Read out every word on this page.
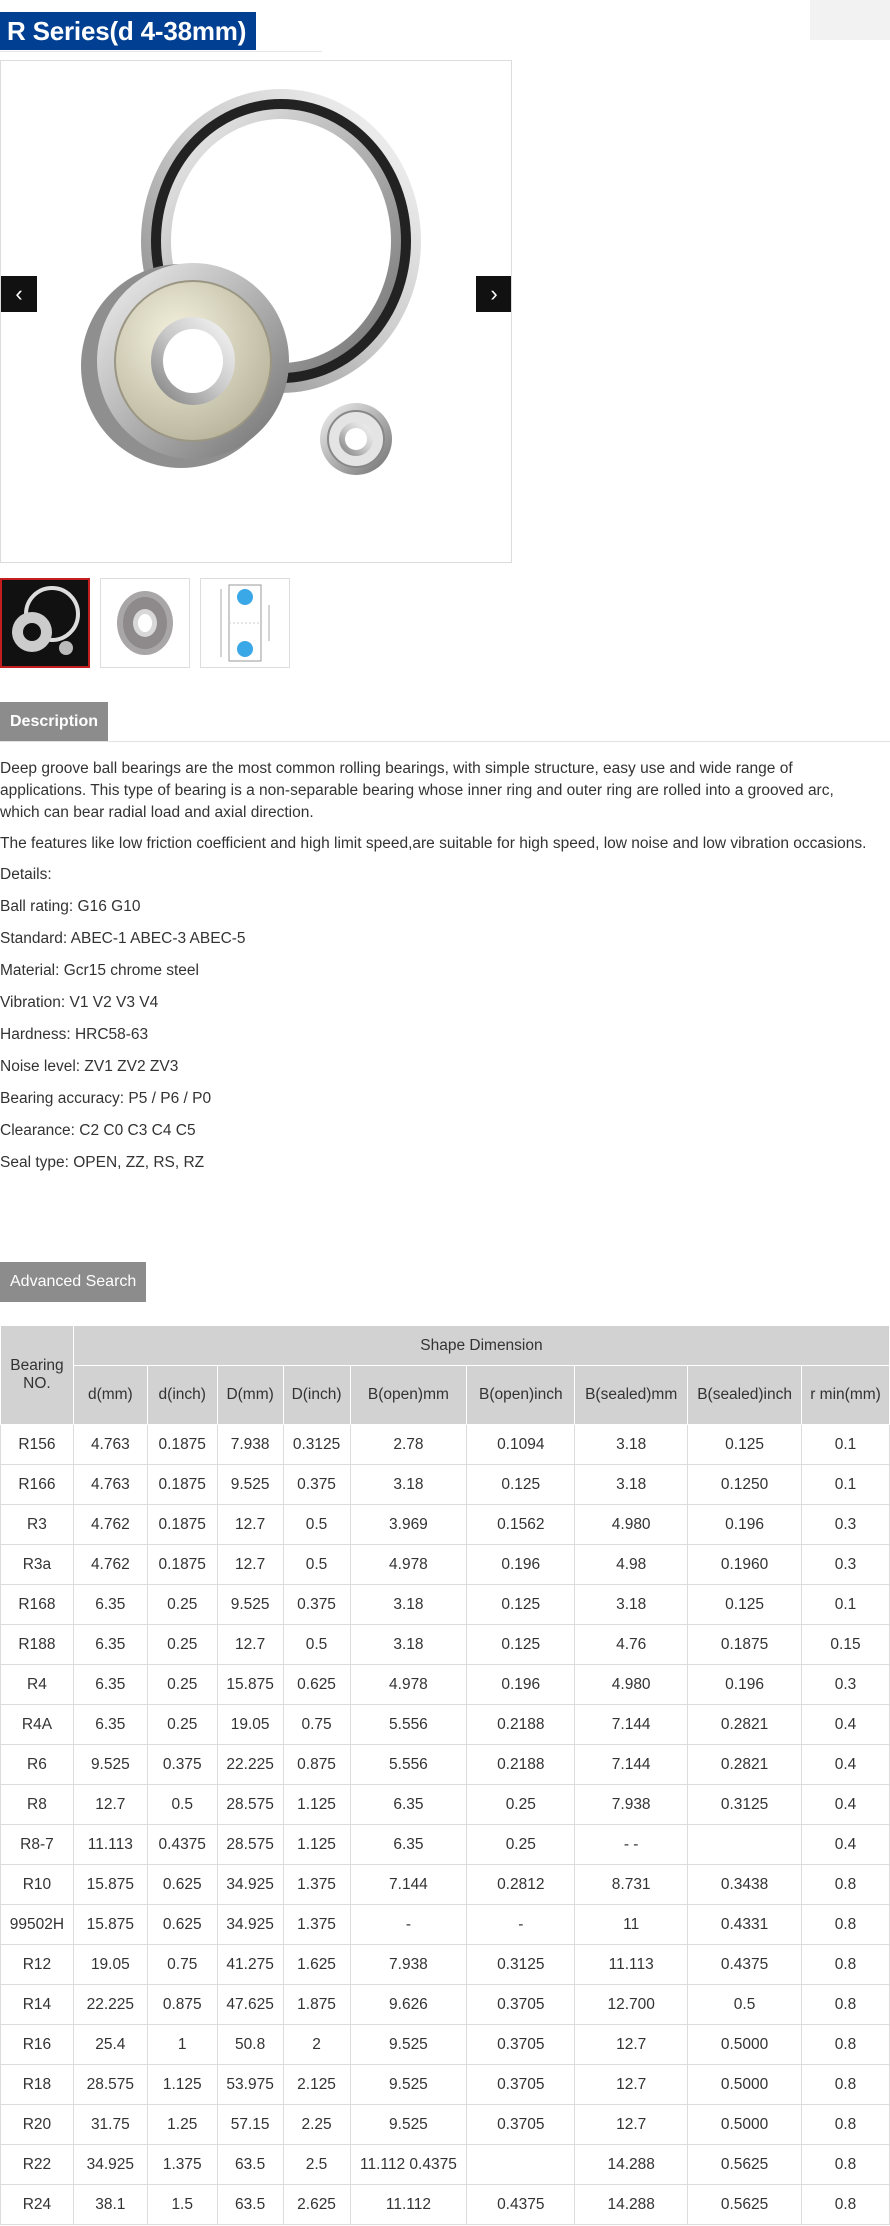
R Series(d 4-38mm)
‹	›
Description

Deep groove ball bearings are the most common rolling bearings, with simple structure, easy use and wide range of applications. This type of bearing is a non-separable bearing whose inner ring and outer ring are rolled into a grooved arc, which can bear radial load and axial direction.

The features like low friction coefficient and high limit speed,are suitable for high speed, low noise and low vibration occasions.

Details:

Ball rating: G16 G10

Standard: ABEC-1 ABEC-3 ABEC-5

Material: Gcr15 chrome steel

Vibration: V1 V2 V3 V4

Hardness: HRC58-63

Noise level: ZV1 ZV2 ZV3

Bearing accuracy: P5 / P6 / P0

Clearance: C2 C0 C3 C4 C5

Seal type: OPEN, ZZ, RS, RZ

Advanced Search
Bearing NO.	Shape Dimension								
	d(mm)	d(inch)	D(mm)	D(inch)	B(open)mm	B(open)inch	B(sealed)mm	B(sealed)inch	r min(mm)
R156	4.763	0.1875	7.938	0.3125	2.78	0.1094	3.18	0.125	0.1
R166	4.763	0.1875	9.525	0.375	3.18	0.125	3.18	0.1250	0.1
R3	4.762	0.1875	12.7	0.5	3.969	0.1562	4.980	0.196	0.3
R3a	4.762	0.1875	12.7	0.5	4.978	0.196	4.98	0.1960	0.3
R168	6.35	0.25	9.525	0.375	3.18	0.125	3.18	0.125	0.1
R188	6.35	0.25	12.7	0.5	3.18	0.125	4.76	0.1875	0.15
R4	6.35	0.25	15.875	0.625	4.978	0.196	4.980	0.196	0.3
R4A	6.35	0.25	19.05	0.75	5.556	0.2188	7.144	0.2821	0.4
R6	9.525	0.375	22.225	0.875	5.556	0.2188	7.144	0.2821	0.4
R8	12.7	0.5	28.575	1.125	6.35	0.25	7.938	0.3125	0.4
R8-7	11.113	0.4375	28.575	1.125	6.35	0.25	- -		0.4
R10	15.875	0.625	34.925	1.375	7.144	0.2812	8.731	0.3438	0.8
99502H	15.875	0.625	34.925	1.375	-	-	11	0.4331	0.8
R12	19.05	0.75	41.275	1.625	7.938	0.3125	11.113	0.4375	0.8
R14	22.225	0.875	47.625	1.875	9.626	0.3705	12.700	0.5	0.8
R16	25.4	1	50.8	2	9.525	0.3705	12.7	0.5000	0.8
R18	28.575	1.125	53.975	2.125	9.525	0.3705	12.7	0.5000	0.8
R20	31.75	1.25	57.15	2.25	9.525	0.3705	12.7	0.5000	0.8
R22	34.925	1.375	63.5	2.5	11.112 0.4375		14.288	0.5625	0.8
R24	38.1	1.5	63.5	2.625	11.112	0.4375	14.288	0.5625	0.8
